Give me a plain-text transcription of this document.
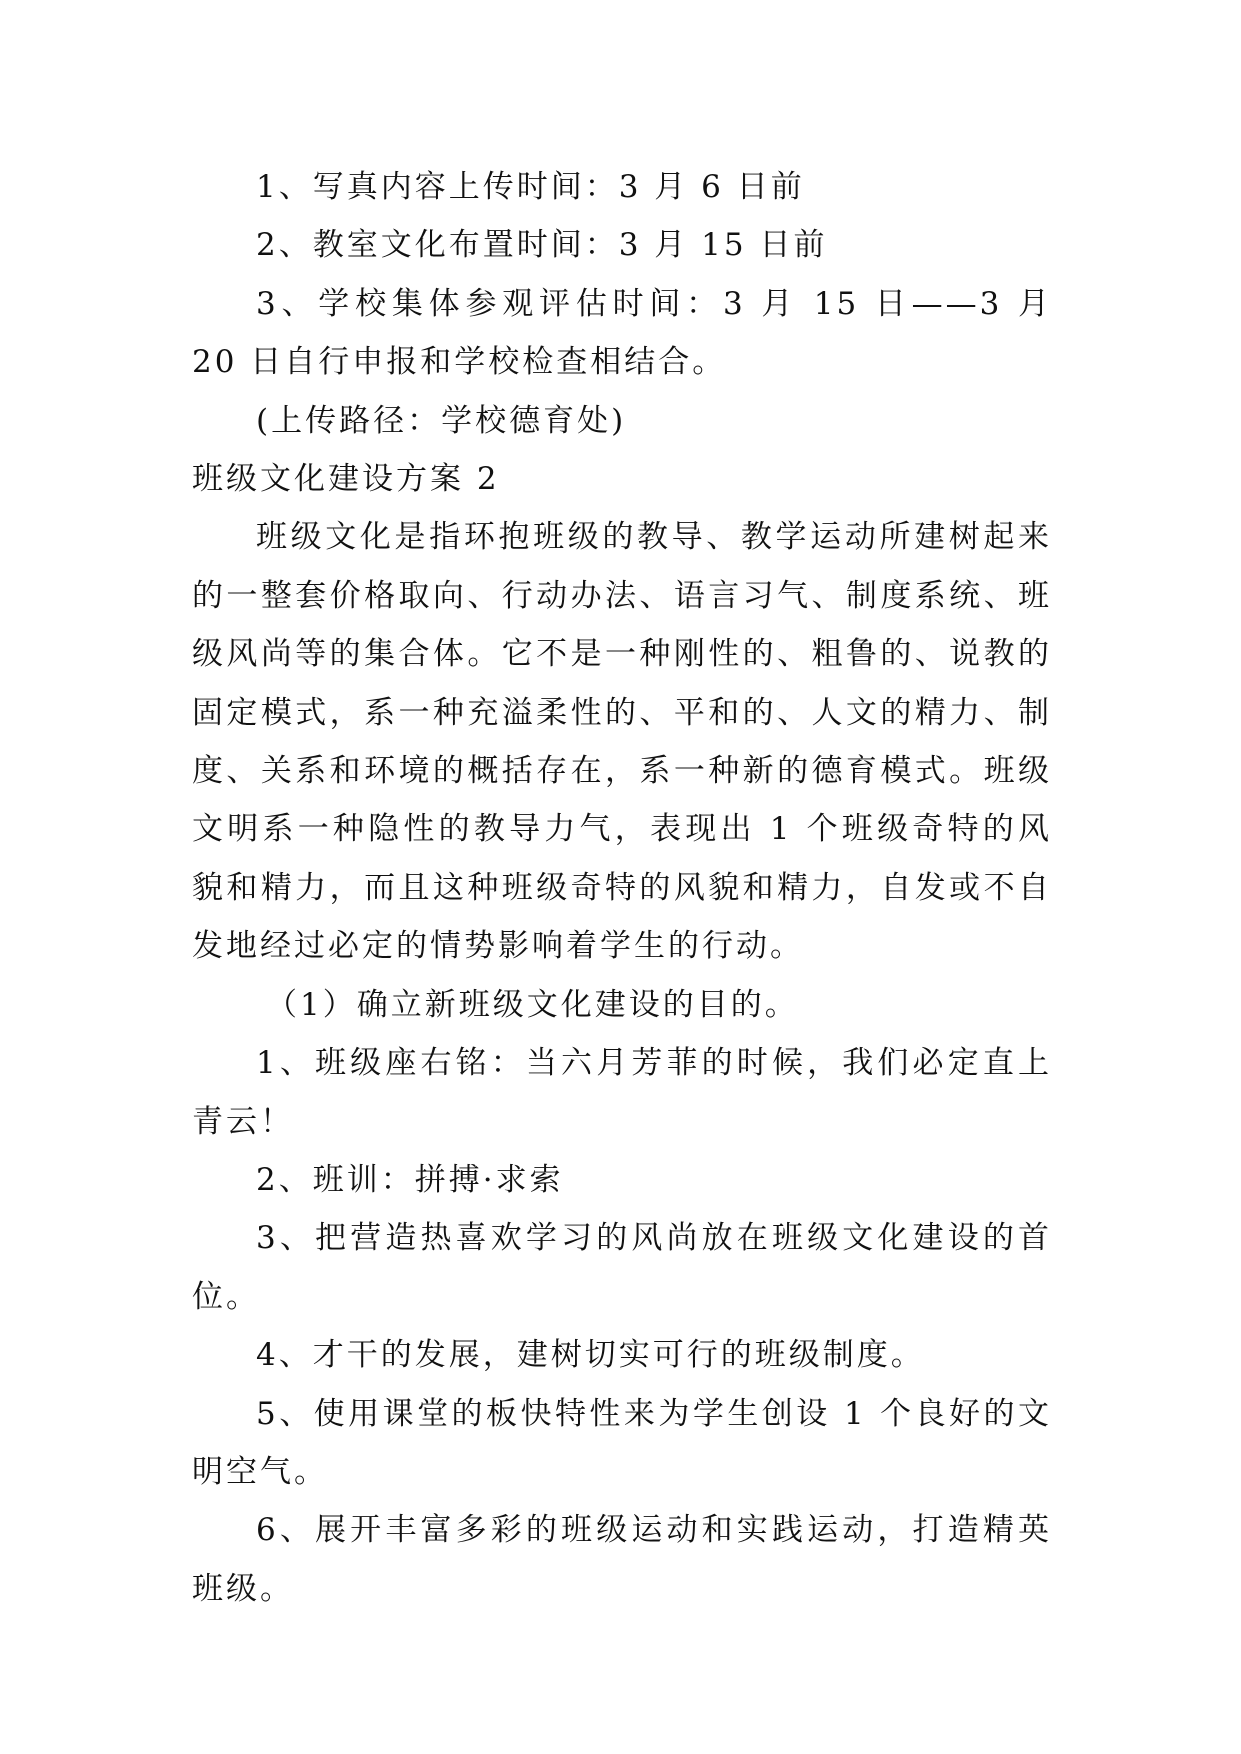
1、写真内容上传时间：3 月 6 日前

2、教室文化布置时间：3 月 15 日前

3、学校集体参观评估时间：3 月 15 日——3 月 20 日自行申报和学校检查相结合。

(上传路径：学校德育处)

班级文化建设方案 2

班级文化是指环抱班级的教导、教学运动所建树起来的一整套价格取向、行动办法、语言习气、制度系统、班级风尚等的集合体。它不是一种刚性的、粗鲁的、说教的固定模式，系一种充溢柔性的、平和的、人文的精力、制度、关系和环境的概括存在，系一种新的德育模式。班级文明系一种隐性的教导力气，表现出 1 个班级奇特的风貌和精力，而且这种班级奇特的风貌和精力，自发或不自发地经过必定的情势影响着学生的行动。

（1）确立新班级文化建设的目的。

1、班级座右铭：当六月芳菲的时候，我们必定直上青云！

2、班训：拼搏·求索

3、把营造热喜欢学习的风尚放在班级文化建设的首位。

4、才干的发展，建树切实可行的班级制度。

5、使用课堂的板快特性来为学生创设 1 个良好的文明空气。

6、展开丰富多彩的班级运动和实践运动，打造精英班级。
